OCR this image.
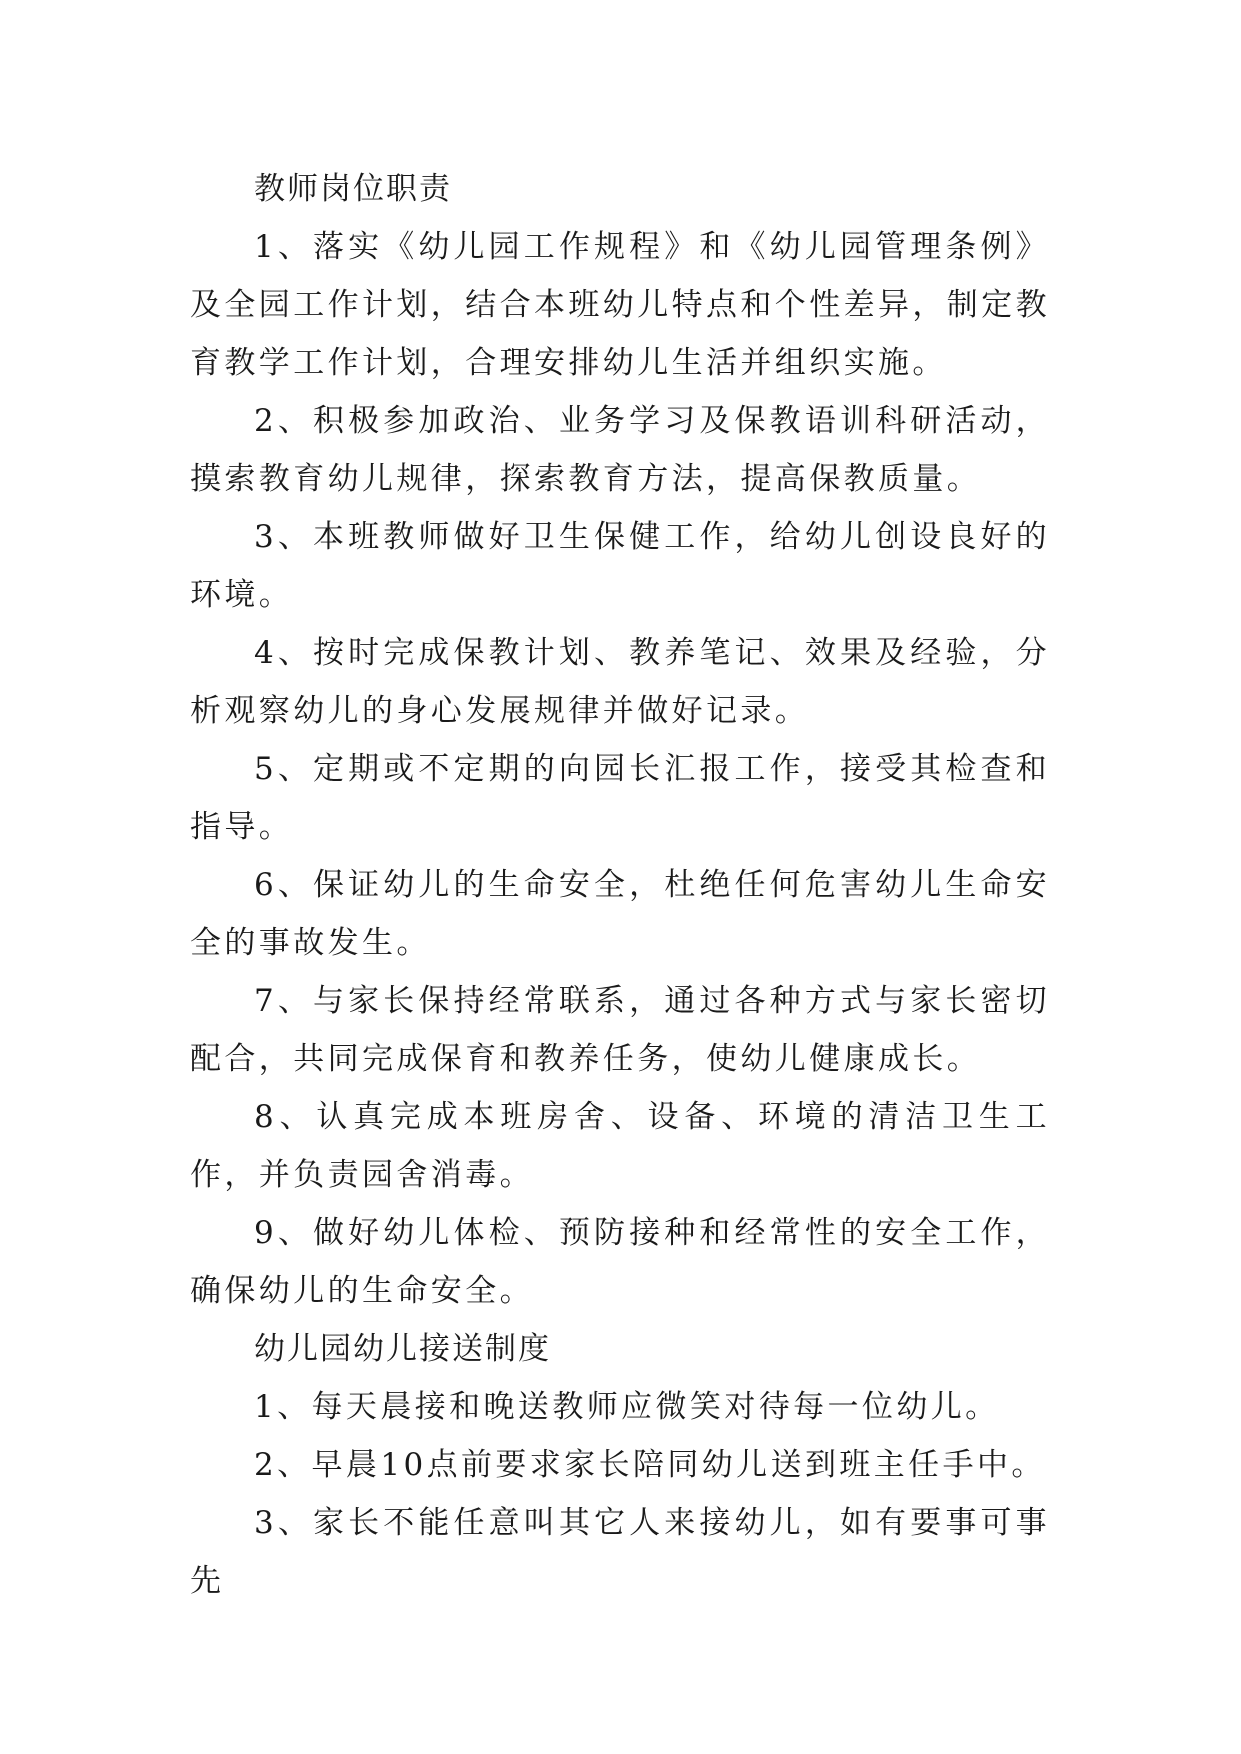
教师岗位职责

1、落实《幼儿园工作规程》和《幼儿园管理条例》及全园工作计划，结合本班幼儿特点和个性差异，制定教育教学工作计划，合理安排幼儿生活并组织实施。

2、积极参加政治、业务学习及保教语训科研活动，摸索教育幼儿规律，探索教育方法，提高保教质量。

3、本班教师做好卫生保健工作，给幼儿创设良好的环境。

4、按时完成保教计划、教养笔记、效果及经验，分析观察幼儿的身心发展规律并做好记录。

5、定期或不定期的向园长汇报工作，接受其检查和指导。

6、保证幼儿的生命安全，杜绝任何危害幼儿生命安全的事故发生。

7、与家长保持经常联系，通过各种方式与家长密切配合，共同完成保育和教养任务，使幼儿健康成长。

8、认真完成本班房舍、设备、环境的清洁卫生工作，并负责园舍消毒。

9、做好幼儿体检、预防接种和经常性的安全工作，确保幼儿的生命安全。

幼儿园幼儿接送制度

1、每天晨接和晚送教师应微笑对待每一位幼儿。

2、早晨10点前要求家长陪同幼儿送到班主任手中。

3、家长不能任意叫其它人来接幼儿，如有要事可事先
